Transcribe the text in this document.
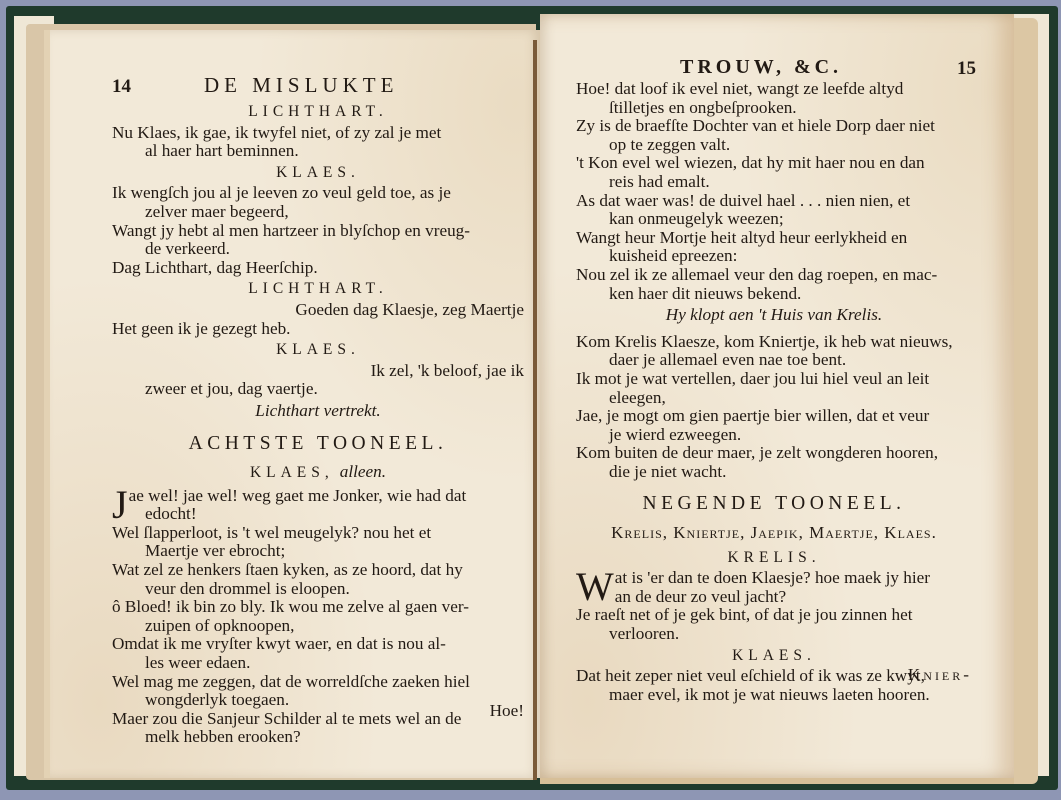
14	DE MISLUKTE
LICHTHART.
Nu Klaes, ik gae, ik twyfel niet, of zy zal je met
al haer hart beminnen.
KLAES.
Ik wengſch jou al je leeven zo veul geld toe, as je
zelver maer begeerd,
Wangt jy hebt al men hartzeer in blyſchop en vreug-
de verkeerd.
Dag Lichthart, dag Heerſchip.
LICHTHART.
Goeden dag Klaesje, zeg Maertje
Het geen ik je gezegt heb.
KLAES.
Ik zel, 'k beloof, jae ik
zweer et jou, dag vaertje.
Lichthart vertrekt.
ACHTSTE TOONEEL.
KLAES, alleen.
Jae wel! jae wel! weg gaet me Jonker, wie had dat
edocht!
Wel ſlapperloot, is 't wel meugelyk? nou het et
Maertje ver ebrocht;
Wat zel ze henkers ſtaen kyken, as ze hoord, dat hy
veur den drommel is eloopen.
ô Bloed! ik bin zo bly. Ik wou me zelve al gaen ver-
zuipen of opknoopen,
Omdat ik me vryſter kwyt waer, en dat is nou al-
les weer edaen.
Wel mag me zeggen, dat de worreldſche zaeken hiel
wongderlyk toegaen.
Maer zou die Sanjeur Schilder al te mets wel an de
melk hebben erooken?
Hoe!
TROUW, &C.	15
Hoe! dat loof ik evel niet, wangt ze leefde altyd
ſtilletjes en ongbeſprooken.
Zy is de braefſte Dochter van et hiele Dorp daer niet
op te zeggen valt.
't Kon evel wel wiezen, dat hy mit haer nou en dan
reis had emalt.
As dat waer was! de duivel hael . . . nien nien, et
kan onmeugelyk weezen;
Wangt heur Mortje heit altyd heur eerlykheid en
kuisheid epreezen:
Nou zel ik ze allemael veur den dag roepen, en mac-
ken haer dit nieuws bekend.
Hy klopt aen 't Huis van Krelis.
Kom Krelis Klaesze, kom Kniertje, ik heb wat nieuws,
daer je allemael even nae toe bent.
Ik mot je wat vertellen, daer jou lui hiel veul an leit
eleegen,
Jae, je mogt om gien paertje bier willen, dat et veur
je wierd ezweegen.
Kom buiten de deur maer, je zelt wongderen hooren,
die je niet wacht.
NEGENDE TOONEEL.
Krelis, Kniertje, Jaepik, Maertje, Klaes.
KRELIS.
Wat is 'er dan te doen Klaesje? hoe maek jy hier
an de deur zo veul jacht?
Je raeſt net of je gek bint, of dat je jou zinnen het
verlooren.
KLAES.
Dat heit zeper niet veul eſchield of ik was ze kwyt,
maer evel, ik mot je wat nieuws laeten hooren.
Knier-
